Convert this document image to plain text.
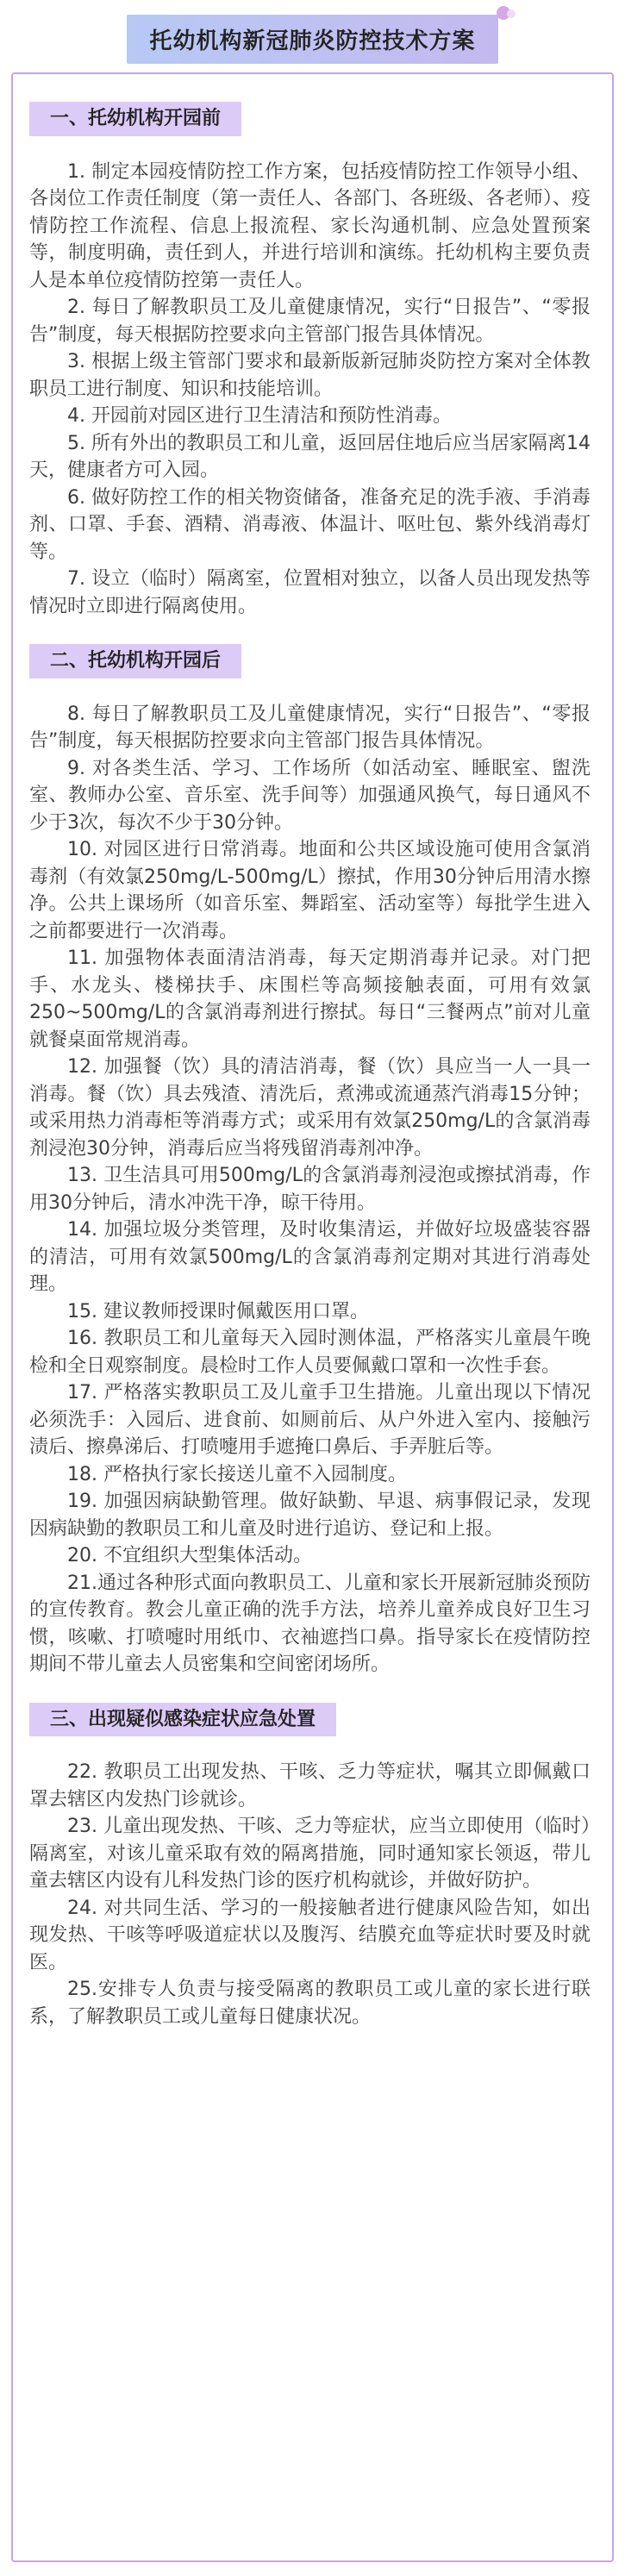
托幼机构新冠肺炎防控技术方案
一、托幼机构开园前

1. 制定本园疫情防控工作方案，包括疫情防控工作领导小组、各岗位工作责任制度（第一责任人、各部门、各班级、各老师）、疫情防控工作流程、信息上报流程、家长沟通机制、应急处置预案等，制度明确，责任到人，并进行培训和演练。托幼机构主要负责人是本单位疫情防控第一责任人。

2. 每日了解教职员工及儿童健康情况，实行“日报告”、“零报告”制度，每天根据防控要求向主管部门报告具体情况。

3. 根据上级主管部门要求和最新版新冠肺炎防控方案对全体教职员工进行制度、知识和技能培训。

4. 开园前对园区进行卫生清洁和预防性消毒。

5. 所有外出的教职员工和儿童，返回居住地后应当居家隔离14天，健康者方可入园。

6. 做好防控工作的相关物资储备，准备充足的洗手液、手消毒剂、口罩、手套、酒精、消毒液、体温计、呕吐包、紫外线消毒灯等。

7. 设立（临时）隔离室，位置相对独立，以备人员出现发热等情况时立即进行隔离使用。

二、托幼机构开园后

8. 每日了解教职员工及儿童健康情况，实行“日报告”、“零报告”制度，每天根据防控要求向主管部门报告具体情况。

9. 对各类生活、学习、工作场所（如活动室、睡眠室、盥洗室、教师办公室、音乐室、洗手间等）加强通风换气，每日通风不少于3次，每次不少于30分钟。

10. 对园区进行日常消毒。地面和公共区域设施可使用含氯消毒剂（有效氯250mg/L-500mg/L）擦拭，作用30分钟后用清水擦净。公共上课场所（如音乐室、舞蹈室、活动室等）每批学生进入之前都要进行一次消毒。

11. 加强物体表面清洁消毒，每天定期消毒并记录。对门把手、水龙头、楼梯扶手、床围栏等高频接触表面，可用有效氯250~500mg/L的含氯消毒剂进行擦拭。每日“三餐两点”前对儿童就餐桌面常规消毒。

12. 加强餐（饮）具的清洁消毒，餐（饮）具应当一人一具一消毒。餐（饮）具去残渣、清洗后，煮沸或流通蒸汽消毒15分钟；或采用热力消毒柜等消毒方式；或采用有效氯250mg/L的含氯消毒剂浸泡30分钟，消毒后应当将残留消毒剂冲净。

13. 卫生洁具可用500mg/L的含氯消毒剂浸泡或擦拭消毒，作用30分钟后，清水冲洗干净，晾干待用。

14. 加强垃圾分类管理，及时收集清运，并做好垃圾盛装容器的清洁，可用有效氯500mg/L的含氯消毒剂定期对其进行消毒处理。

15. 建议教师授课时佩戴医用口罩。

16. 教职员工和儿童每天入园时测体温，严格落实儿童晨午晚检和全日观察制度。晨检时工作人员要佩戴口罩和一次性手套。

17. 严格落实教职员工及儿童手卫生措施。儿童出现以下情况必须洗手：入园后、进食前、如厕前后、从户外进入室内、接触污渍后、擦鼻涕后、打喷嚏用手遮掩口鼻后、手弄脏后等。

18. 严格执行家长接送儿童不入园制度。

19. 加强因病缺勤管理。做好缺勤、早退、病事假记录，发现因病缺勤的教职员工和儿童及时进行追访、登记和上报。

20. 不宜组织大型集体活动。

21.通过各种形式面向教职员工、儿童和家长开展新冠肺炎预防的宣传教育。教会儿童正确的洗手方法，培养儿童养成良好卫生习惯，咳嗽、打喷嚏时用纸巾、衣袖遮挡口鼻。指导家长在疫情防控期间不带儿童去人员密集和空间密闭场所。

三、出现疑似感染症状应急处置

22. 教职员工出现发热、干咳、乏力等症状，嘱其立即佩戴口罩去辖区内发热门诊就诊。

23. 儿童出现发热、干咳、乏力等症状，应当立即使用（临时）隔离室，对该儿童采取有效的隔离措施，同时通知家长领返，带儿童去辖区内设有儿科发热门诊的医疗机构就诊，并做好防护。

24. 对共同生活、学习的一般接触者进行健康风险告知，如出现发热、干咳等呼吸道症状以及腹泻、结膜充血等症状时要及时就医。

25.安排专人负责与接受隔离的教职员工或儿童的家长进行联系，了解教职员工或儿童每日健康状况。
